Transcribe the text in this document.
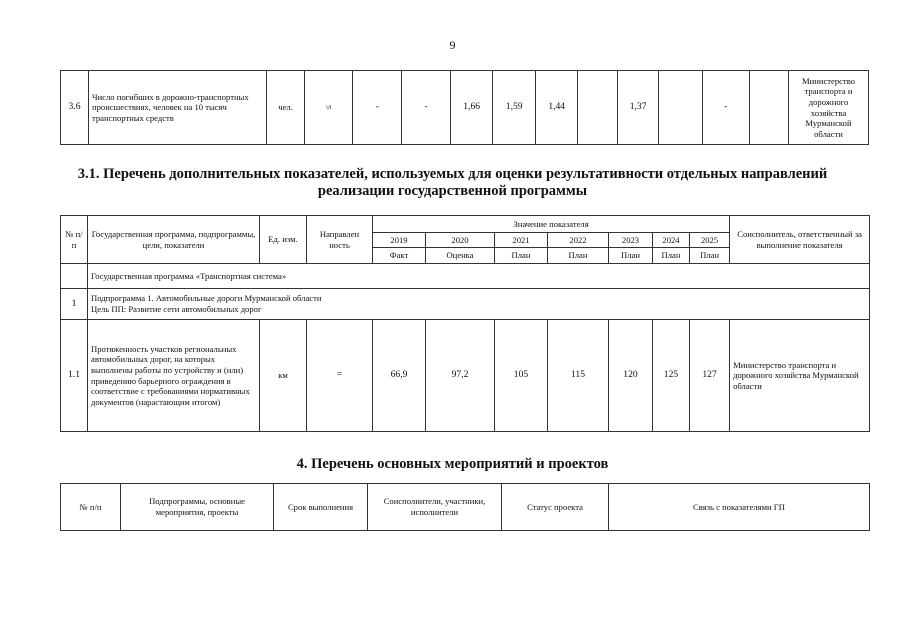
9
3.6	Число погибших в дорожно-транспортных происшествиях, человек на 10 тысяч транспортных средств	чел.	≤	-	-	1,66	1,59	1,44		1,37		-		Министерство транспорта и дорожного хозяйства Мурманской области
3.1. Перечень дополнительных показателей, используемых для оценки результативности отдельных направлений
реализации государственной программы
№ п/п	Государственная программа, подпрограммы, цели, показатели	Ед. изм.	Направлен ность	Значение показателя							Соисполнитель, ответственный за выполнение показателя
				2019	2020	2021	2022	2023	2024	2025	
				Факт	Оценка	План	План	План	План	План	
	Государственная программа «Транспортная система»										
1	Подпрограмма 1. Автомобильные дороги Мурманской области
Цель ПП: Развитие сети автомобильных дорог										

1.1	Протяженность участков региональных автомобильных дорог, на которых выполнены работы по устройству и (или) приведению барьерного ограждения в соответствие с требованиями нормативных документов (нарастающим итогом)	км	=	66,9	97,2	105	115	120	125	127	Министерство транспорта и дорожного хозяйства Мурманской области
4. Перечень основных мероприятий и проектов
№ п/п	Подпрограммы, основные мероприятия, проекты	Срок выполнения	Соисполнители, участники, исполнители	Статус проекта	Связь с показателями ГП
